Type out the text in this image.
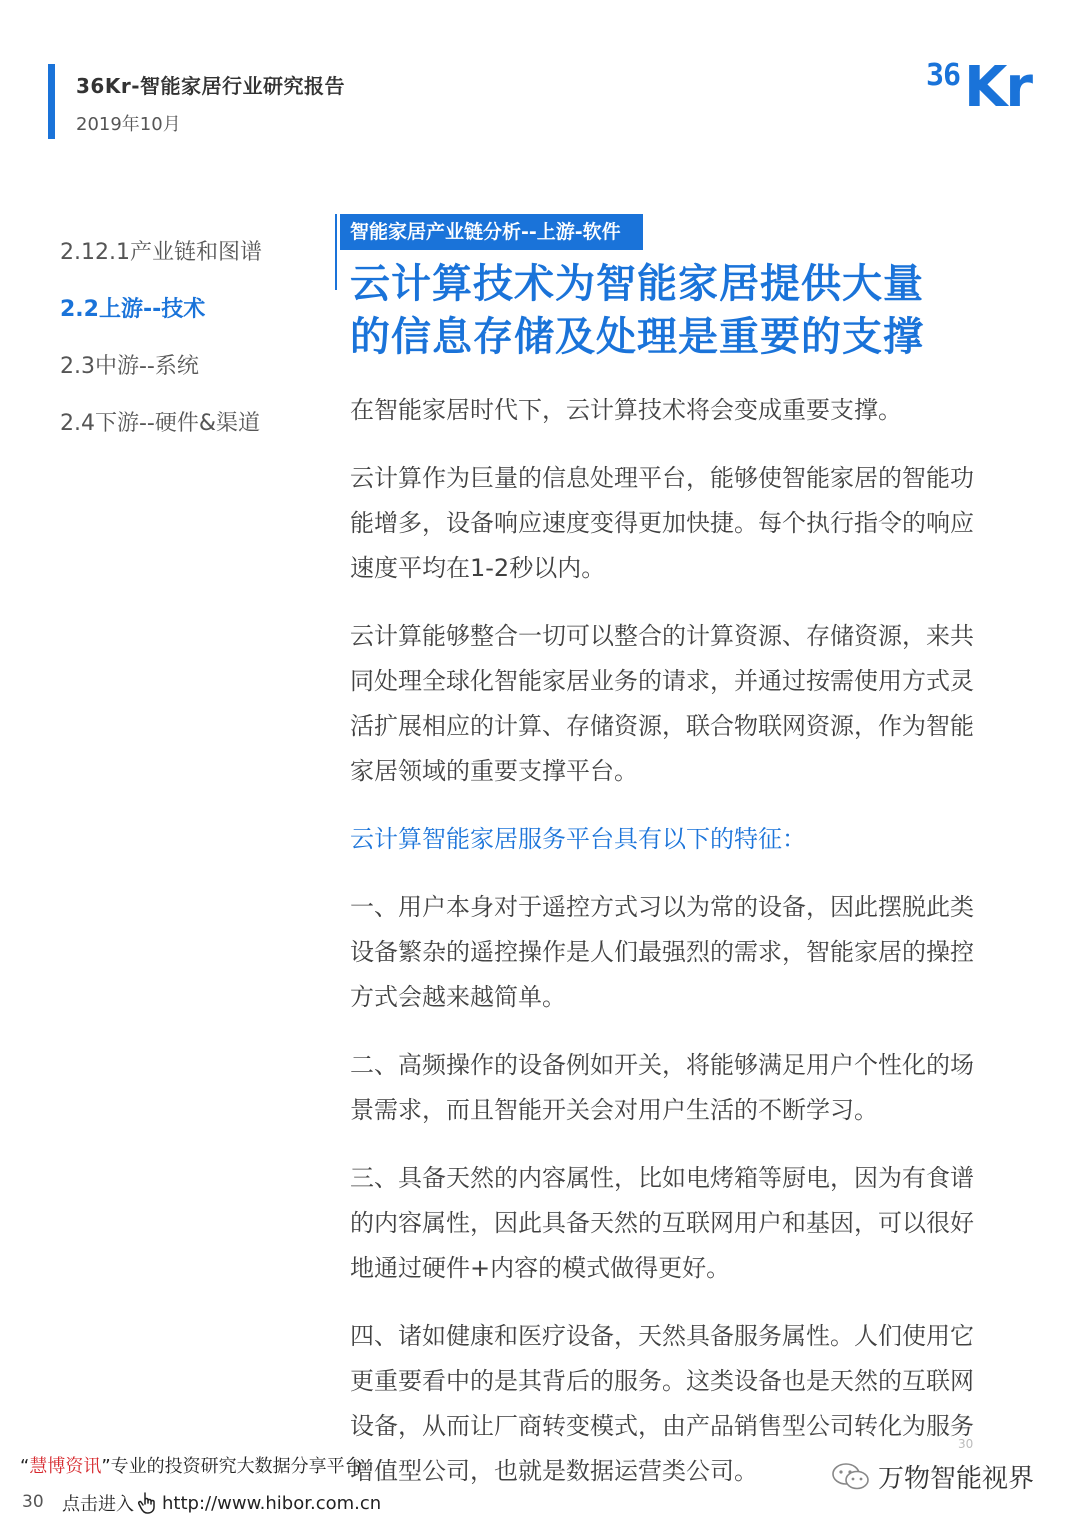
36Kr-智能家居行业研究报告
2019年10月
36 Kr
2.12.1产业链和图谱
2.2上游--技术
2.3中游--系统
2.4下游--硬件&渠道
智能家居产业链分析--上游-软件
云计算技术为智能家居提供大量
的信息存储及处理是重要的支撑

在智能家居时代下，云计算技术将会变成重要支撑。

云计算作为巨量的信息处理平台，能够使智能家居的智能功能增多，设备响应速度变得更加快捷。每个执行指令的响应速度平均在1-2秒以内。

云计算能够整合一切可以整合的计算资源、存储资源，来共同处理全球化智能家居业务的请求，并通过按需使用方式灵活扩展相应的计算、存储资源，联合物联网资源，作为智能家居领域的重要支撑平台。

云计算智能家居服务平台具有以下的特征：

一、用户本身对于遥控方式习以为常的设备，因此摆脱此类设备繁杂的遥控操作是人们最强烈的需求，智能家居的操控方式会越来越简单。

二、高频操作的设备例如开关，将能够满足用户个性化的场景需求，而且智能开关会对用户生活的不断学习。

三、具备天然的内容属性，比如电烤箱等厨电，因为有食谱的内容属性，因此具备天然的互联网用户和基因，可以很好地通过硬件+内容的模式做得更好。

四、诸如健康和医疗设备，天然具备服务属性。人们使用它更重要看中的是其背后的服务。这类设备也是天然的互联网设备，从而让厂商转变模式，由产品销售型公司转化为服务增值型公司，也就是数据运营类公司。

30
“慧博资讯”专业的投资研究大数据分享平台
30 点击进入 http://www.hibor.com.cn
万物智能视界
